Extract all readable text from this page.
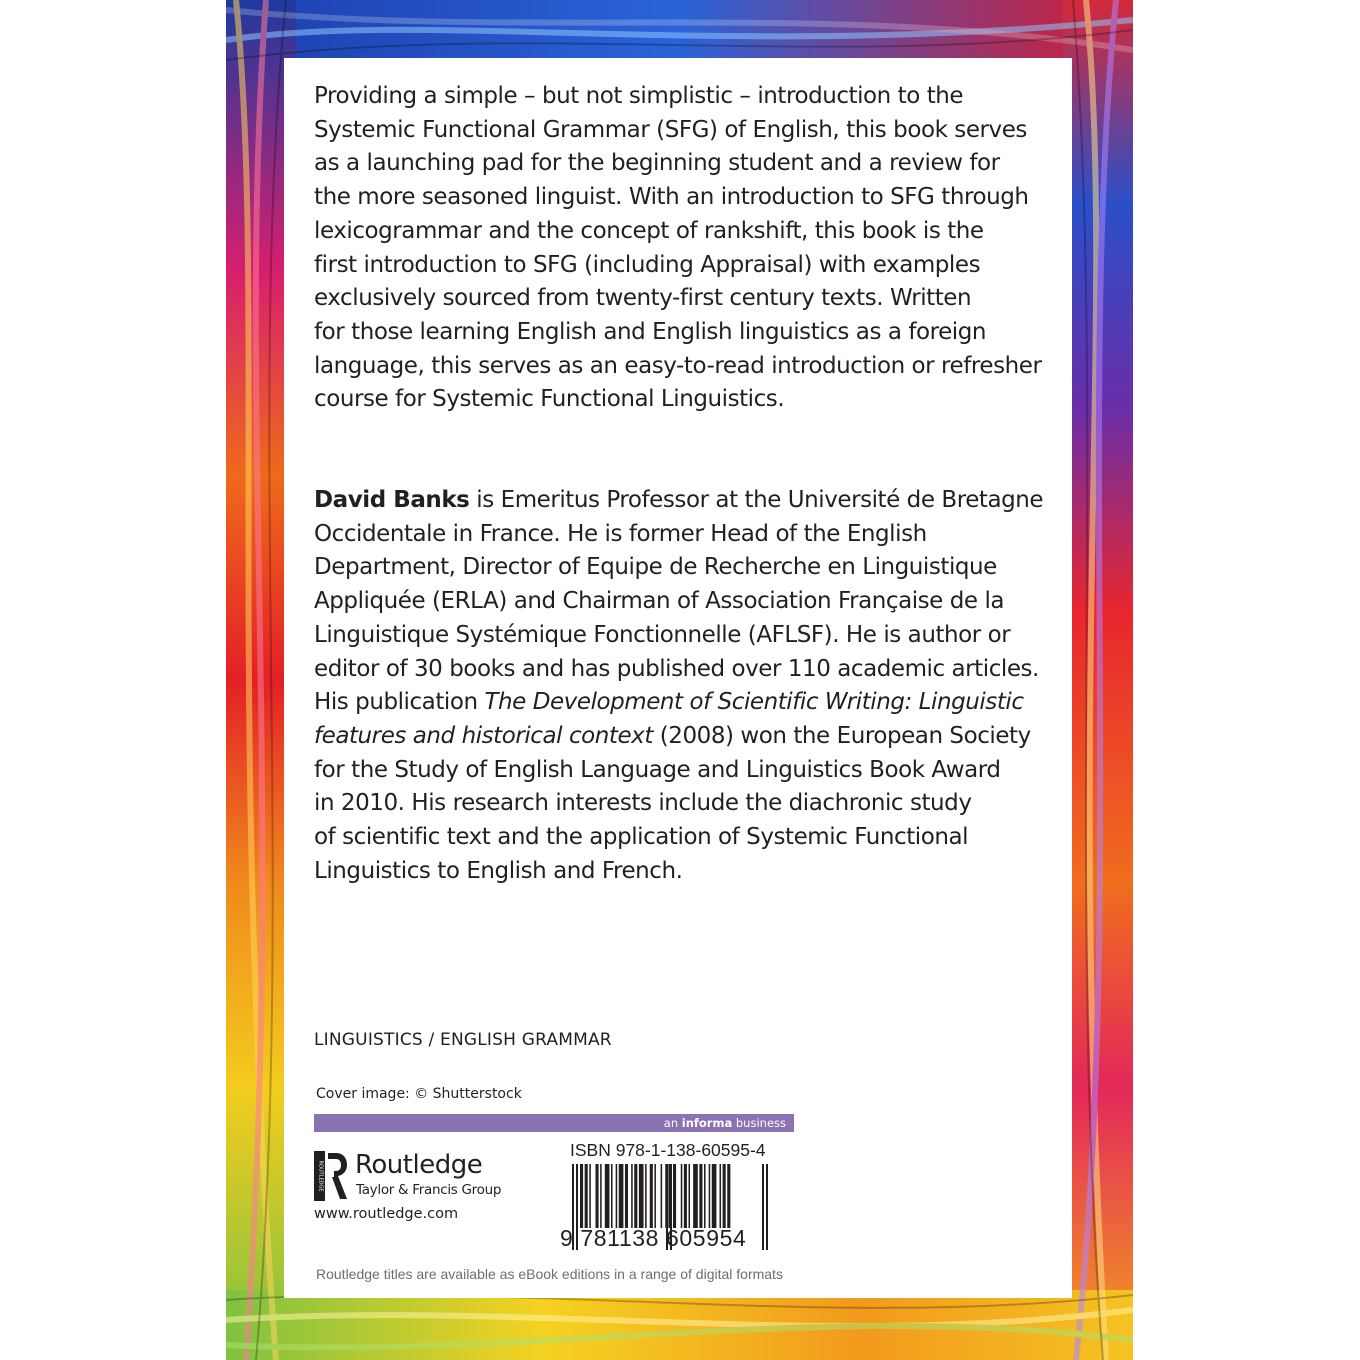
Providing a simple – but not simplistic – introduction to the
Systemic Functional Grammar (SFG) of English, this book serves
as a launching pad for the beginning student and a review for
the more seasoned linguist. With an introduction to SFG through
lexicogrammar and the concept of rankshift, this book is the
first introduction to SFG (including Appraisal) with examples
exclusively sourced from twenty-first century texts. Written
for those learning English and English linguistics as a foreign
language, this serves as an easy-to-read introduction or refresher
course for Systemic Functional Linguistics.
David Banks is Emeritus Professor at the Université de Bretagne
Occidentale in France. He is former Head of the English
Department, Director of Equipe de Recherche en Linguistique
Appliquée (ERLA) and Chairman of Association Française de la
Linguistique Systémique Fonctionnelle (AFLSF). He is author or
editor of 30 books and has published over 110 academic articles.
His publication The Development of Scientific Writing: Linguistic
features and historical context (2008) won the European Society
for the Study of English Language and Linguistics Book Award
in 2010. His research interests include the diachronic study
of scientific text and the application of Systemic Functional
Linguistics to English and French.
LINGUISTICS / ENGLISH GRAMMAR
Cover image: © Shutterstock
an informa business
ROUTLEDGE Routledge
Taylor & Francis Group
www.routledge.com
ISBN 978-1-138-60595-4
9 781138 605954
Routledge titles are available as eBook editions in a range of digital formats
